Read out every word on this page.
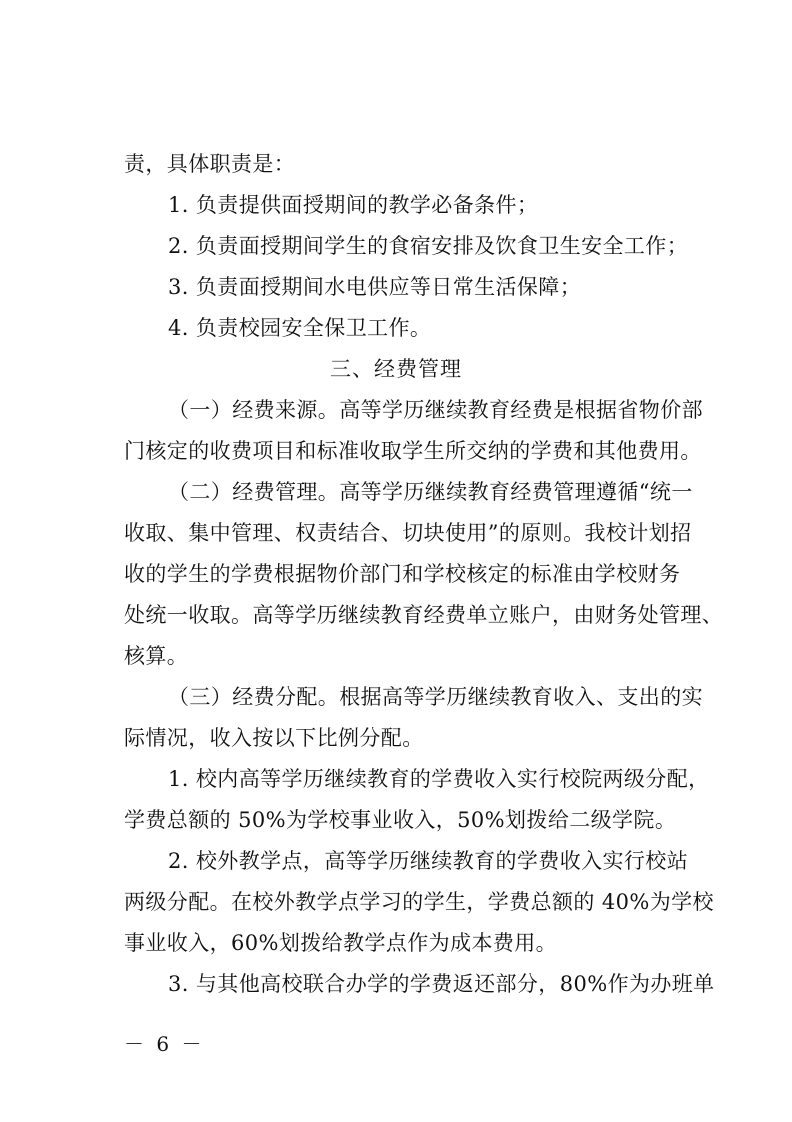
责，具体职责是：
1. 负责提供面授期间的教学必备条件；
2. 负责面授期间学生的食宿安排及饮食卫生安全工作；
3. 负责面授期间水电供应等日常生活保障；
4. 负责校园安全保卫工作。
三、经费管理
（一）经费来源。高等学历继续教育经费是根据省物价部
门核定的收费项目和标准收取学生所交纳的学费和其他费用。
（二）经费管理。高等学历继续教育经费管理遵循“统一
收取、集中管理、权责结合、切块使用”的原则。我校计划招
收的学生的学费根据物价部门和学校核定的标准由学校财务
处统一收取。高等学历继续教育经费单立账户，由财务处管理、
核算。
（三）经费分配。根据高等学历继续教育收入、支出的实
际情况，收入按以下比例分配。
1. 校内高等学历继续教育的学费收入实行校院两级分配，
学费总额的 50%为学校事业收入，50%划拨给二级学院。
2. 校外教学点，高等学历继续教育的学费收入实行校站
两级分配。在校外教学点学习的学生，学费总额的 40%为学校
事业收入，60%划拨给教学点作为成本费用。
3. 与其他高校联合办学的学费返还部分，80%作为办班单
－ 6 －
